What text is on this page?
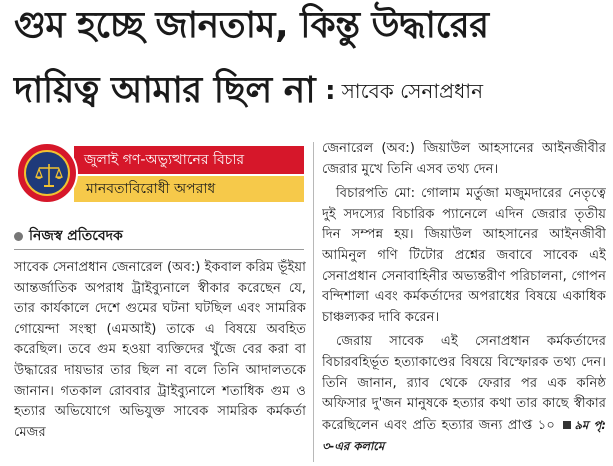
গুম হচ্ছে জানতাম, কিন্তু উদ্ধারের
দায়িত্ব আমার ছিল না : সাবেক সেনাপ্রধান
জুলাই গণ-অভ্যুত্থানের বিচার
মানবতাবিরোধী অপরাধ
নিজস্ব প্রতিবেদক

সাবেক সেনাপ্রধান জেনারেল (অব:) ইকবাল করিম ভূঁইয়া আন্তর্জাতিক অপরাধ ট্রাইব্যুনালে স্বীকার করেছেন যে, তার কার্যকালে দেশে গুমের ঘটনা ঘটছিল এবং সামরিক গোয়েন্দা সংস্থা (এমআই) তাকে এ বিষয়ে অবহিত করেছিল। তবে গুম হওয়া ব্যক্তিদের খুঁজে বের করা বা উদ্ধারের দায়ভার তার ছিল না বলে তিনি আদালতকে জানান। গতকাল রোববার ট্রাইব্যুনালে শতাধিক গুম ও হত্যার অভিযোগে অভিযুক্ত সাবেক সামরিক কর্মকর্তা মেজর

জেনারেল (অব:) জিয়াউল আহসানের আইনজীবীর জেরার মুখে তিনি এসব তথ্য দেন।

বিচারপতি মো: গোলাম মর্তুজা মজুমদারের নেতৃত্বে দুই সদস্যের বিচারিক প্যানেলে এদিন জেরার তৃতীয় দিন সম্পন্ন হয়। জিয়াউল আহসানের আইনজীবী আমিনুল গণি টিটোর প্রশ্নের জবাবে সাবেক এই সেনাপ্রধান সেনাবাহিনীর অভ্যন্তরীণ পরিচালনা, গোপন বন্দিশালা এবং কর্মকর্তাদের অপরাধের বিষয়ে একাধিক চাঞ্চল্যকর দাবি করেন।

জেরায় সাবেক এই সেনাপ্রধান কর্মকর্তাদের বিচারবহির্ভূত হত্যাকাণ্ডের বিষয়ে বিস্ফোরক তথ্য দেন। তিনি জানান, র‍্যাব থেকে ফেরার পর এক কনিষ্ঠ অফিসার দু'জন মানুষকে হত্যার কথা তার কাছে স্বীকার করেছিলেন এবং প্রতি হত্যার জন্য প্রাপ্ত ১০ ৯ম পৃ: ৩-এর কলামে
